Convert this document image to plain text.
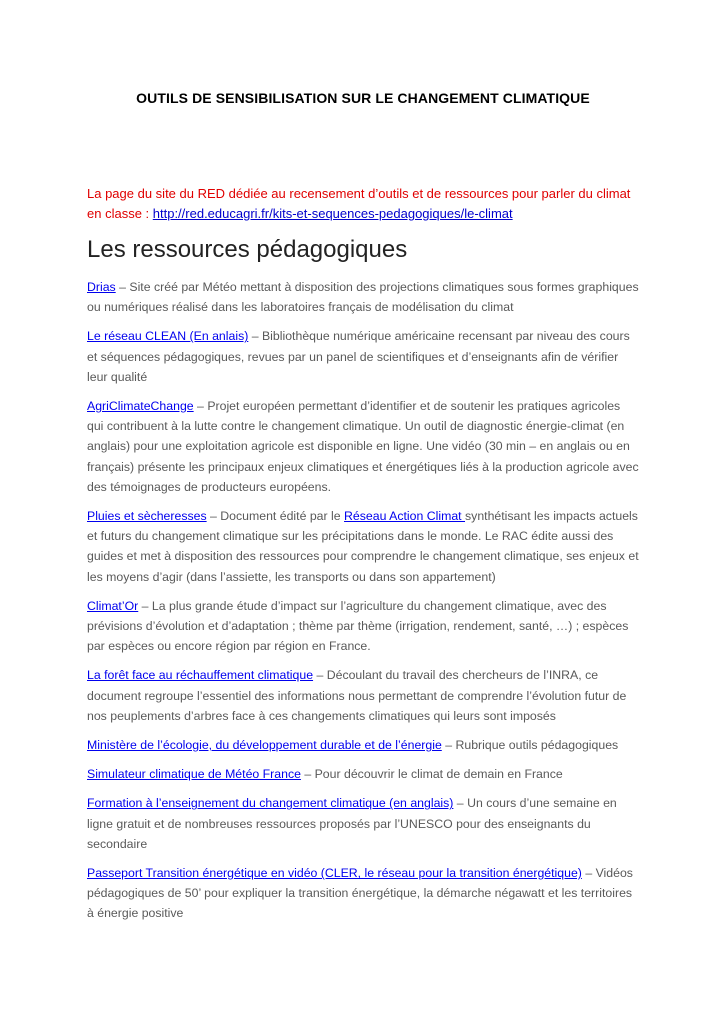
OUTILS DE SENSIBILISATION SUR LE CHANGEMENT CLIMATIQUE
La page du site du RED dédiée au recensement d’outils et de ressources pour parler du climat en classe : http://red.educagri.fr/kits-et-sequences-pedagogiques/le-climat
Les ressources pédagogiques

Drias – Site créé par Météo mettant à disposition des projections climatiques sous formes graphiques ou numériques réalisé dans les laboratoires français de modélisation du climat

Le réseau CLEAN (En anlais) – Bibliothèque numérique américaine recensant par niveau des cours et séquences pédagogiques, revues par un panel de scientifiques et d’enseignants afin de vérifier leur qualité

AgriClimateChange – Projet européen permettant d’identifier et de soutenir les pratiques agricoles qui contribuent à la lutte contre le changement climatique. Un outil de diagnostic énergie-climat (en anglais) pour une exploitation agricole est disponible en ligne. Une vidéo (30 min – en anglais ou en français) présente les principaux enjeux climatiques et énergétiques liés à la production agricole avec des témoignages de producteurs européens.

Pluies et sècheresses – Document édité par le Réseau Action Climat synthétisant les impacts actuels et futurs du changement climatique sur les précipitations dans le monde. Le RAC édite aussi des guides et met à disposition des ressources pour comprendre le changement climatique, ses enjeux et les moyens d’agir (dans l’assiette, les transports ou dans son appartement)

Climat’Or – La plus grande étude d’impact sur l’agriculture du changement climatique, avec des prévisions d’évolution et d’adaptation ; thème par thème (irrigation, rendement, santé, …) ; espèces par espèces ou encore région par région en France.

La forêt face au réchauffement climatique – Découlant du travail des chercheurs de l’INRA, ce document regroupe l’essentiel des informations nous permettant de comprendre l’évolution futur de nos peuplements d’arbres face à ces changements climatiques qui leurs sont imposés

Ministère de l’écologie, du développement durable et de l’énergie – Rubrique outils pédagogiques

Simulateur climatique de Météo France – Pour découvrir le climat de demain en France

Formation à l’enseignement du changement climatique (en anglais) – Un cours d’une semaine en ligne gratuit et de nombreuses ressources proposés par l’UNESCO pour des enseignants du secondaire

Passeport Transition énergétique en vidéo (CLER, le réseau pour la transition énergétique) – Vidéos pédagogiques de 50’ pour expliquer la transition énergétique, la démarche négawatt et les territoires à énergie positive
